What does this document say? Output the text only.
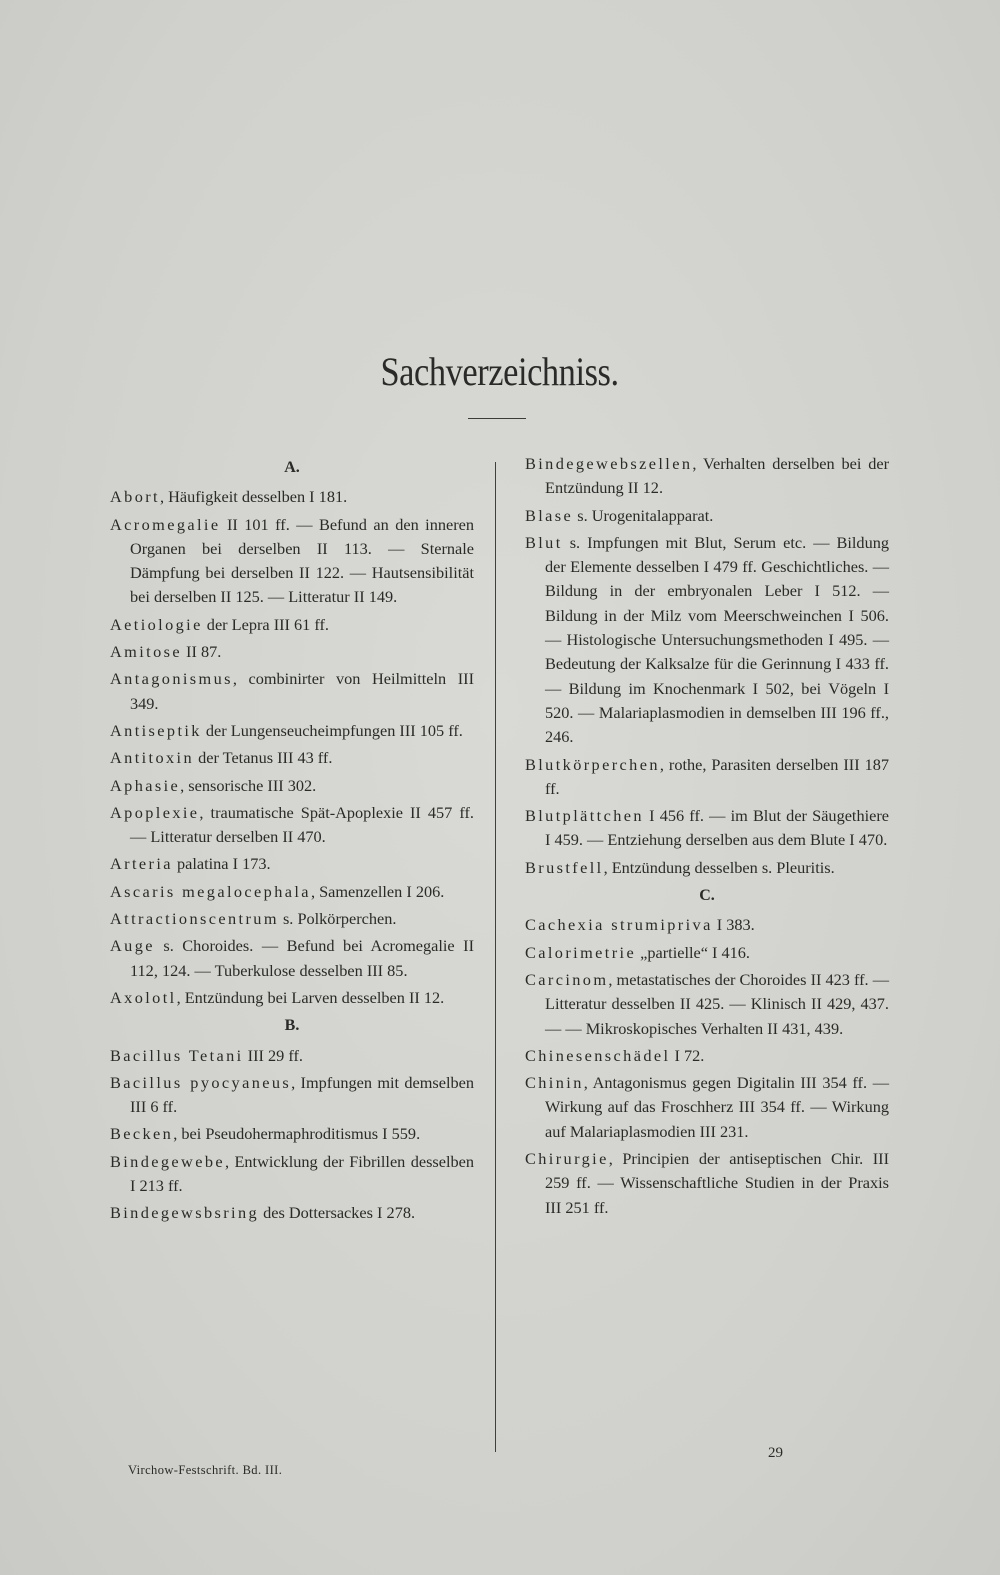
Sachverzeichniss.
A.
Abort, Häufigkeit desselben I 181.
Acromegalie II 101 ff. — Befund an den inneren Organen bei derselben II 113. — Sternale Dämpfung bei derselben II 122. — Hautsensibilität bei derselben II 125. — Litteratur II 149.
Aetiologie der Lepra III 61 ff.
Amitose II 87.
Antagonismus, combinirter von Heilmitteln III 349.
Antiseptik der Lungenseucheimpfungen III 105 ff.
Antitoxin der Tetanus III 43 ff.
Aphasie, sensorische III 302.
Apoplexie, traumatische Spät-Apoplexie II 457 ff. — Litteratur derselben II 470.
Arteria palatina I 173.
Ascaris megalocephala, Samenzellen I 206.
Attractionscentrum s. Polkörperchen.
Auge s. Choroides. — Befund bei Acromegalie II 112, 124. — Tuberkulose desselben III 85.
Axolotl, Entzündung bei Larven desselben II 12.
B.
Bacillus Tetani III 29 ff.
Bacillus pyocyaneus, Impfungen mit demselben III 6 ff.
Becken, bei Pseudohermaphroditismus I 559.
Bindegewebe, Entwicklung der Fibrillen desselben I 213 ff.
Bindegewsbsring des Dottersackes I 278.
Bindegewebszellen, Verhalten derselben bei der Entzündung II 12.
Blase s. Urogenitalapparat.
Blut s. Impfungen mit Blut, Serum etc. — Bildung der Elemente desselben I 479 ff. Geschichtliches. — Bildung in der embryonalen Leber I 512. — Bildung in der Milz vom Meerschweinchen I 506. — Histologische Untersuchungsmethoden I 495. — Bedeutung der Kalksalze für die Gerinnung I 433 ff. — Bildung im Knochenmark I 502, bei Vögeln I 520. — Malariaplasmodien in demselben III 196 ff., 246.
Blutkörperchen, rothe, Parasiten derselben III 187 ff.
Blutplättchen I 456 ff. — im Blut der Säugethiere I 459. — Entziehung derselben aus dem Blute I 470.
Brustfell, Entzündung desselben s. Pleuritis.
C.
Cachexia strumipriva I 383.
Calorimetrie „partielle“ I 416.
Carcinom, metastatisches der Choroides II 423 ff. — Litteratur desselben II 425. — Klinisch II 429, 437. — — Mikroskopisches Verhalten II 431, 439.
Chinesenschädel I 72.
Chinin, Antagonismus gegen Digitalin III 354 ff. — Wirkung auf das Froschherz III 354 ff. — Wirkung auf Malariaplasmodien III 231.
Chirurgie, Principien der antiseptischen Chir. III 259 ff. — Wissenschaftliche Studien in der Praxis III 251 ff.
Virchow-Festschrift. Bd. III.
29
